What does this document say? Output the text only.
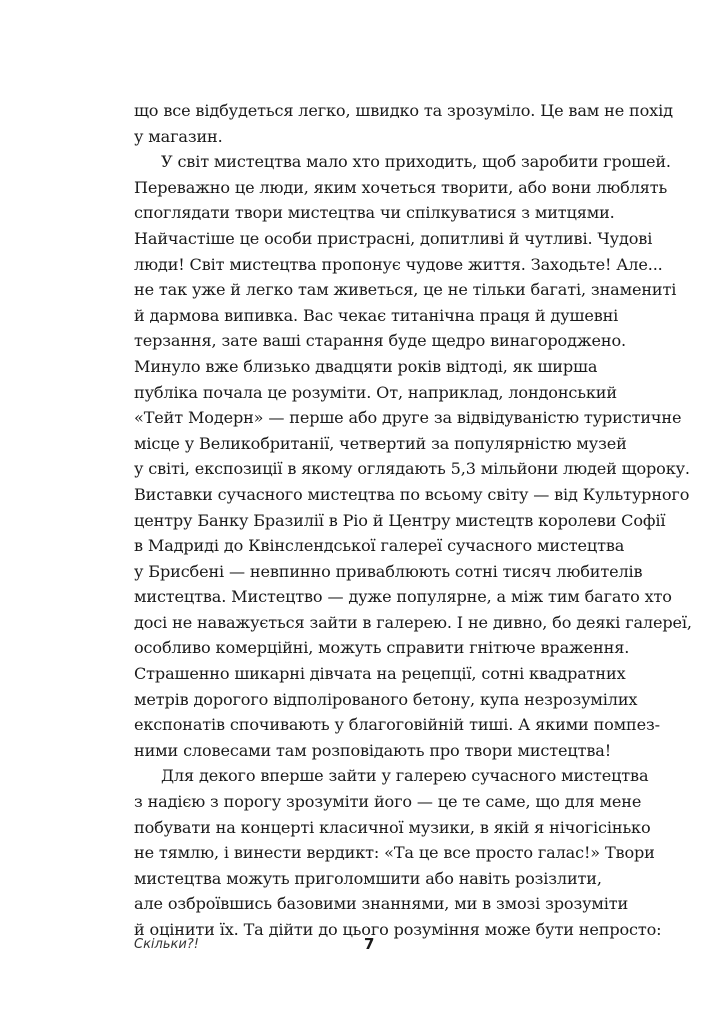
що все відбудеться легко, швидко та зрозуміло. Це вам не похід
у магазин.
У світ мистецтва мало хто приходить, щоб заробити грошей.
Переважно це люди, яким хочеться творити, або вони люблять
споглядати твори мистецтва чи спілкуватися з митцями.
Найчастіше це особи пристрасні, допитливі й чутливі. Чудові
люди! Світ мистецтва пропонує чудове життя. Заходьте! Але...
не так уже й легко там живеться, це не тільки багаті, знамениті
й дармова випивка. Вас чекає титанічна праця й душевні
терзання, зате ваші старання буде щедро винагороджено.
Минуло вже близько двадцяти років відтоді, як ширша
публіка почала це розуміти. От, наприклад, лондонський
«Тейт Модерн» — перше або друге за відвідуваністю туристичне
місце у Великобританії, четвертий за популярністю музей
у світі, експозиції в якому оглядають 5,3 мільйони людей щороку.
Виставки сучасного мистецтва по всьому світу — від Культурного
центру Банку Бразилії в Ріо й Центру мистецтв королеви Софії
в Мадриді до Квінслендської галереї сучасного мистецтва
у Брисбені — невпинно приваблюють сотні тисяч любителів
мистецтва. Мистецтво — дуже популярне, а між тим багато хто
досі не наважується зайти в галерею. І не дивно, бо деякі галереї,
особливо комерційні, можуть справити гнітюче враження.
Страшенно шикарні дівчата на рецепції, сотні квадратних
метрів дорогого відполірованого бетону, купа незрозумілих
експонатів спочивають у благоговійній тиші. А якими помпез-
ними словесами там розповідають про твори мистецтва!
Для декого вперше зайти у галерею сучасного мистецтва
з надією з порогу зрозуміти його — це те саме, що для мене
побувати на концерті класичної музики, в якій я нічогісінько
не тямлю, і винести вердикт: «Та це все просто галас!» Твори
мистецтва можуть приголомшити або навіть розізлити,
але озброївшись базовими знаннями, ми в змозі зрозуміти
й оцінити їх. Та дійти до цього розуміння може бути непросто:
Скільки?!	7
